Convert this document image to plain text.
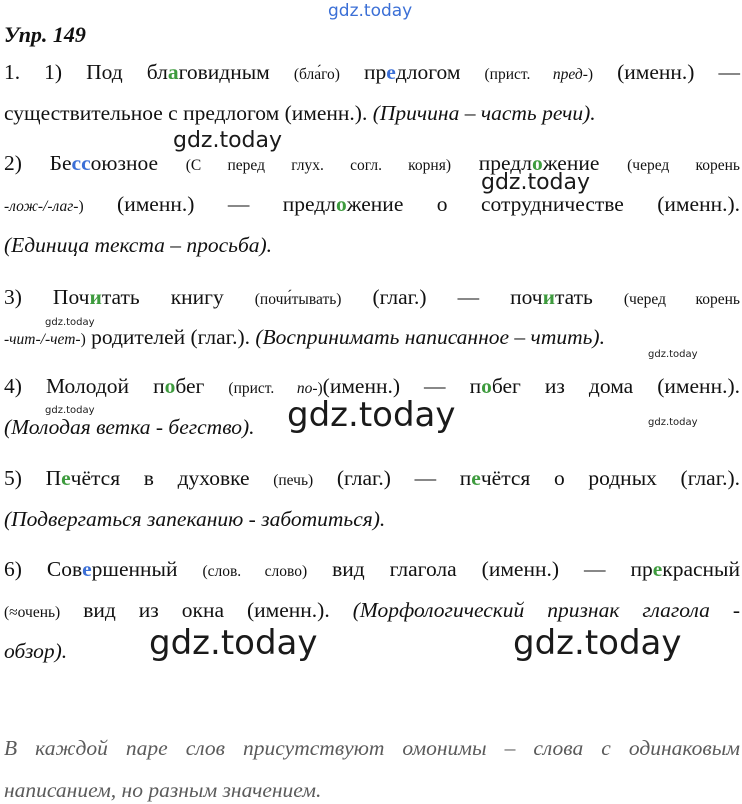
Упр. 149
1. 1) Под благовидным (бла́го) предлогом (прист. пред-) (именн.) —
существительное с предлогом (именн.). (Причина – часть речи).
2) Бессоюзное (С перед глух. согл. корня) предложение (черед корень
-лож-/-лаг-) (именн.) — предложение о сотрудничестве (именн.).
(Единица текста – просьба).
3) Почитать книгу (почи́тывать) (глаг.) — почитать (черед корень
-чит-/-чет-) родителей (глаг.). (Воспринимать написанное – чтить).
4) Молодой побег (прист. по-)(именн.) — побег из дома (именн.).
(Молодая ветка - бегство).
5) Печётся в духовке (печь) (глаг.) — печётся о родных (глаг.).
(Подвергаться запеканию - заботиться).
6) Совершенный (слов. слово) вид глагола (именн.) — прекрасный
(≈очень) вид из окна (именн.). (Морфологический признак глагола -
обзор).
В каждой паре слов присутствуют омонимы – слова с одинаковым
написанием, но разным значением.
gdz.today
gdz.today
gdz.today
gdz.today
gdz.today
gdz.today
gdz.today
gdz.today
gdz.today	gdz.today
